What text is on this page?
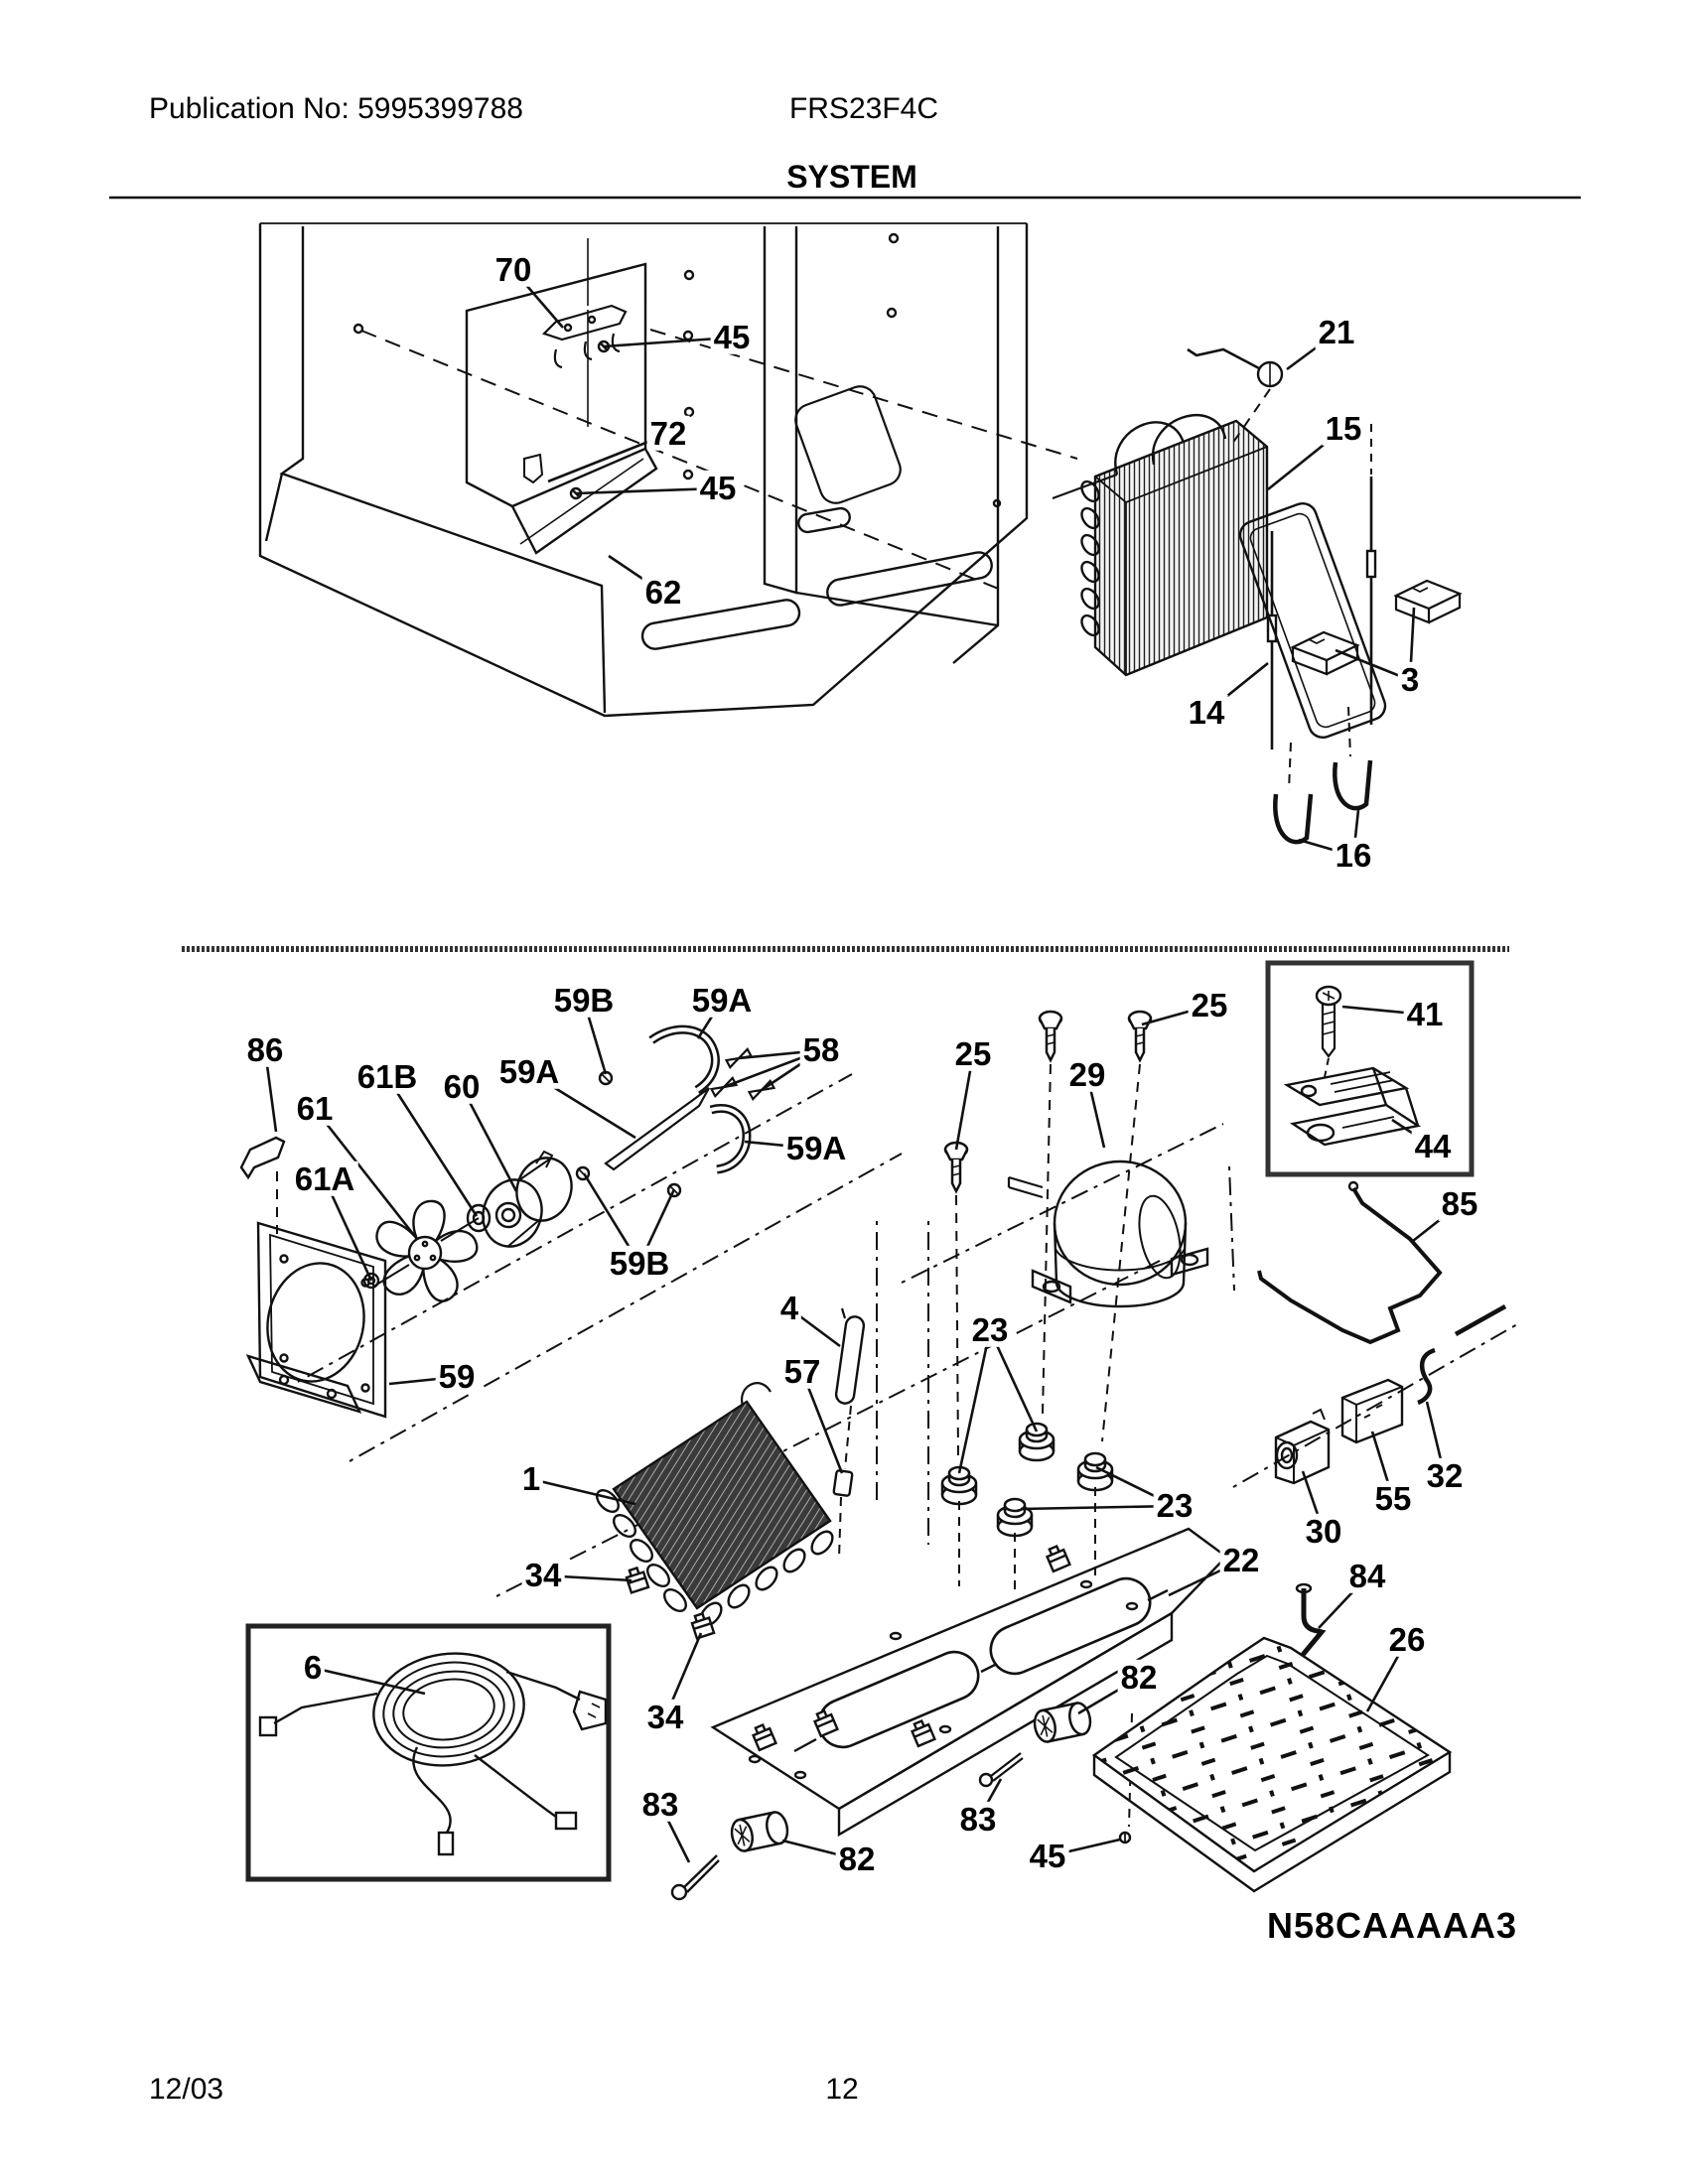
Publication No: 5995399788	FRS23F4C
SYSTEM
70
45
72
45
62
21
15
3
14
16
86
59B 59A
58
59A
61B 60
61
59A
61A
59B
59
25
25
29
41
44
85
4
57
23
23
32
55
30
1
34
34
22	84
26
82
83
82
83
45
6
N58CAAAAA3
12/03	12
